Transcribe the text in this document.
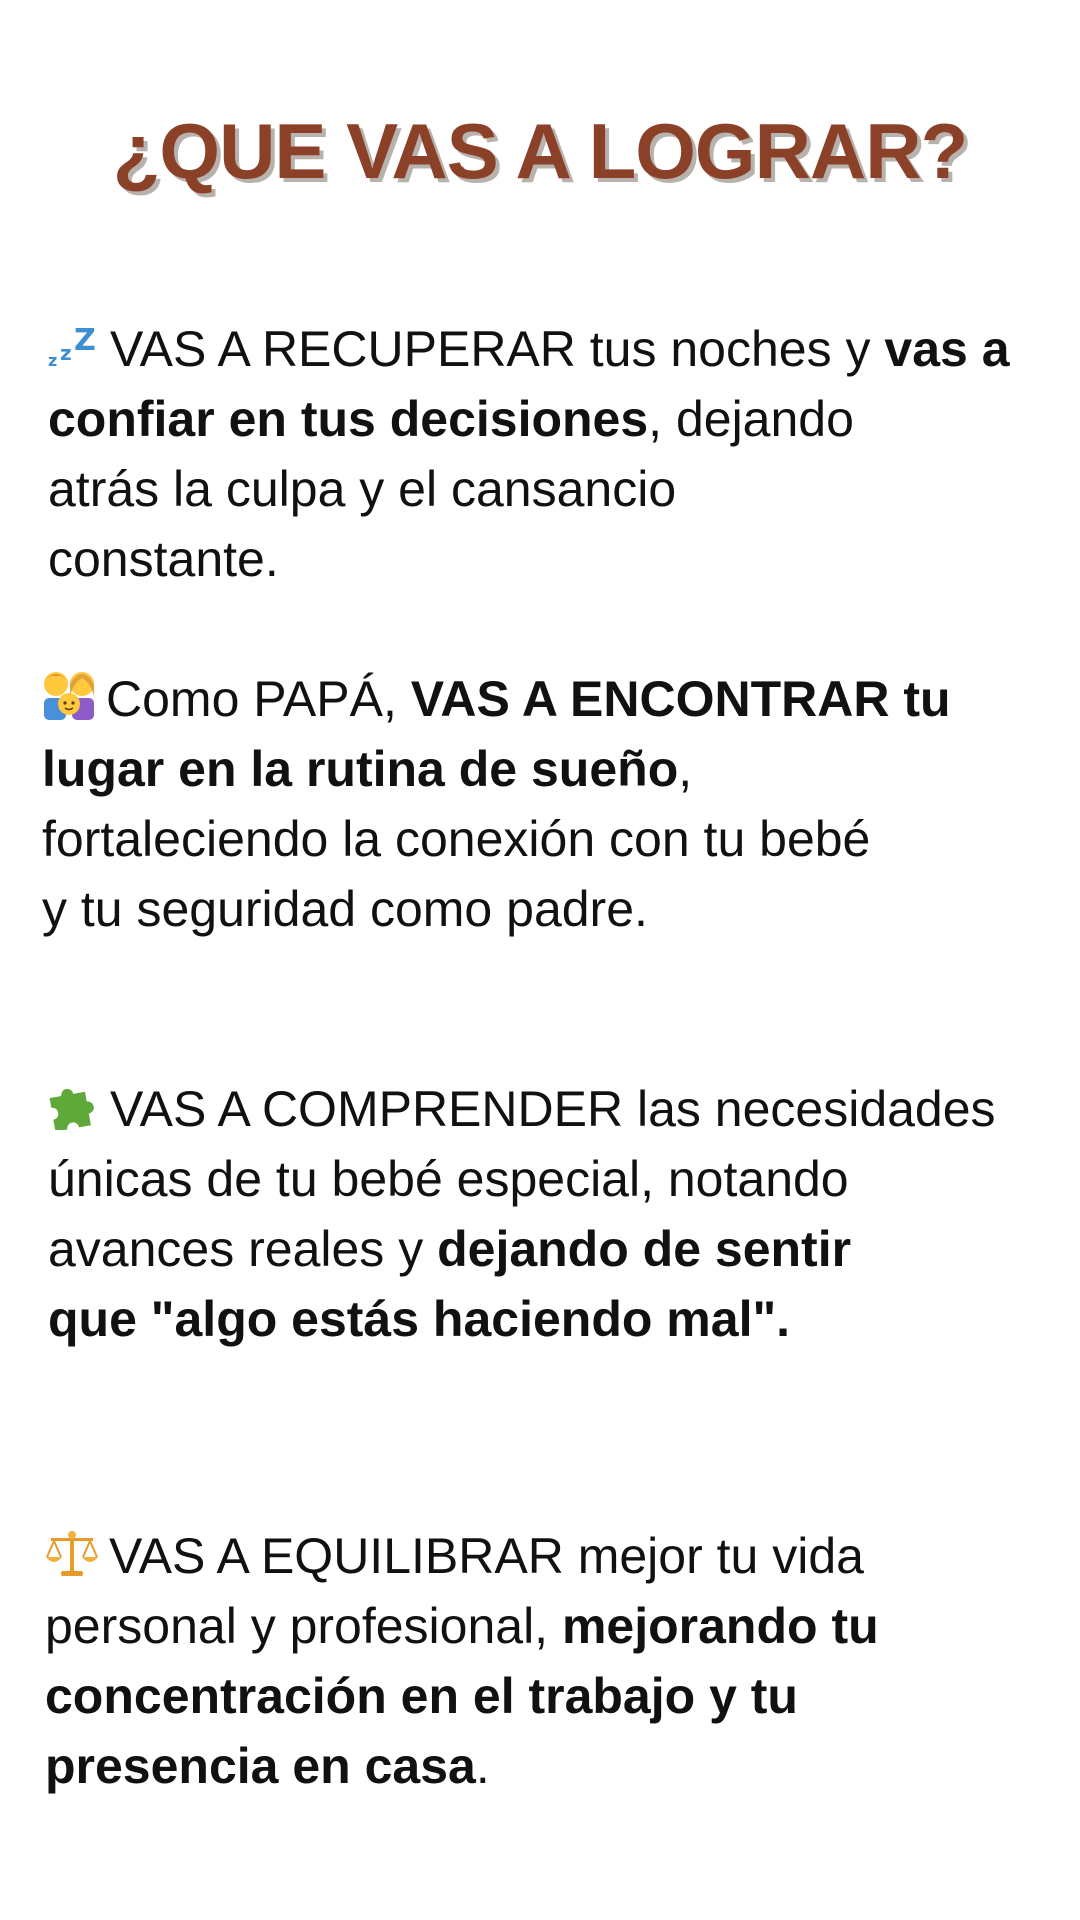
¿QUE VAS A LOGRAR?
z z Z VAS A RECUPERAR tus noches y vas a
confiar en tus decisiones, dejando
atrás la culpa y el cansancio
constante.
Como PAPÁ, VAS A ENCONTRAR tu
lugar en la rutina de sueño,
fortaleciendo la conexión con tu bebé
y tu seguridad como padre.
VAS A COMPRENDER las necesidades
únicas de tu bebé especial, notando
avances reales y dejando de sentir
que "algo estás haciendo mal".
VAS A EQUILIBRAR mejor tu vida
personal y profesional, mejorando tu
concentración en el trabajo y tu
presencia en casa.
